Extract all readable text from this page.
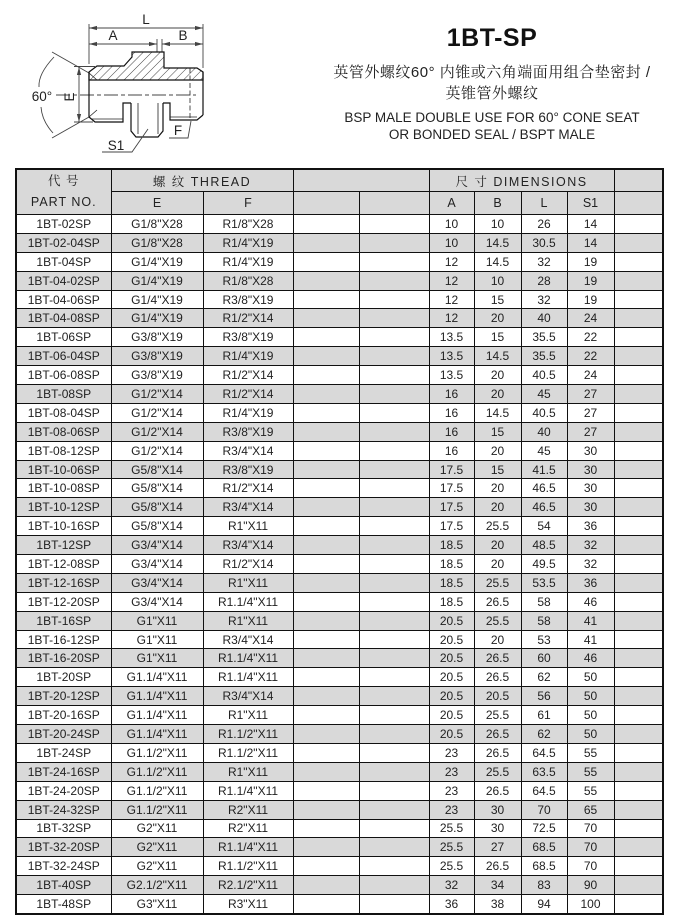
L
A	B
E
60°
S1
F
1BT-SP

英管外螺纹60° 内锥或六角端面用组合垫密封 /

英锥管外螺纹

BSP MALE DOUBLE USE FOR 60° CONE SEAT

OR BONDED SEAL / BSPT MALE

代 号
PART NO.	螺 纹 THREAD				尺 寸 DIMENSIONS				
	E	F			A	B	L	S1	
1BT-02SP	G1/8"X28	R1/8"X28			10	10	26	14	
1BT-02-04SP	G1/8"X28	R1/4"X19			10	14.5	30.5	14	
1BT-04SP	G1/4"X19	R1/4"X19			12	14.5	32	19	
1BT-04-02SP	G1/4"X19	R1/8"X28			12	10	28	19	
1BT-04-06SP	G1/4"X19	R3/8"X19			12	15	32	19	
1BT-04-08SP	G1/4"X19	R1/2"X14			12	20	40	24	
1BT-06SP	G3/8"X19	R3/8"X19			13.5	15	35.5	22	
1BT-06-04SP	G3/8"X19	R1/4"X19			13.5	14.5	35.5	22	
1BT-06-08SP	G3/8"X19	R1/2"X14			13.5	20	40.5	24	
1BT-08SP	G1/2"X14	R1/2"X14			16	20	45	27	
1BT-08-04SP	G1/2"X14	R1/4"X19			16	14.5	40.5	27	
1BT-08-06SP	G1/2"X14	R3/8"X19			16	15	40	27	
1BT-08-12SP	G1/2"X14	R3/4"X14			16	20	45	30	
1BT-10-06SP	G5/8"X14	R3/8"X19			17.5	15	41.5	30	
1BT-10-08SP	G5/8"X14	R1/2"X14			17.5	20	46.5	30	
1BT-10-12SP	G5/8"X14	R3/4"X14			17.5	20	46.5	30	
1BT-10-16SP	G5/8"X14	R1"X11			17.5	25.5	54	36	
1BT-12SP	G3/4"X14	R3/4"X14			18.5	20	48.5	32	
1BT-12-08SP	G3/4"X14	R1/2"X14			18.5	20	49.5	32	
1BT-12-16SP	G3/4"X14	R1"X11			18.5	25.5	53.5	36	
1BT-12-20SP	G3/4"X14	R1.1/4"X11			18.5	26.5	58	46	
1BT-16SP	G1"X11	R1"X11			20.5	25.5	58	41	
1BT-16-12SP	G1"X11	R3/4"X14			20.5	20	53	41	
1BT-16-20SP	G1"X11	R1.1/4"X11			20.5	26.5	60	46	
1BT-20SP	G1.1/4"X11	R1.1/4"X11			20.5	26.5	62	50	
1BT-20-12SP	G1.1/4"X11	R3/4"X14			20.5	20.5	56	50	
1BT-20-16SP	G1.1/4"X11	R1"X11			20.5	25.5	61	50	
1BT-20-24SP	G1.1/4"X11	R1.1/2"X11			20.5	26.5	62	50	
1BT-24SP	G1.1/2"X11	R1.1/2"X11			23	26.5	64.5	55	
1BT-24-16SP	G1.1/2"X11	R1"X11			23	25.5	63.5	55	
1BT-24-20SP	G1.1/2"X11	R1.1/4"X11			23	26.5	64.5	55	
1BT-24-32SP	G1.1/2"X11	R2"X11			23	30	70	65	
1BT-32SP	G2"X11	R2"X11			25.5	30	72.5	70	
1BT-32-20SP	G2"X11	R1.1/4"X11			25.5	27	68.5	70	
1BT-32-24SP	G2"X11	R1.1/2"X11			25.5	26.5	68.5	70	
1BT-40SP	G2.1/2"X11	R2.1/2"X11			32	34	83	90	
1BT-48SP	G3"X11	R3"X11			36	38	94	100	
